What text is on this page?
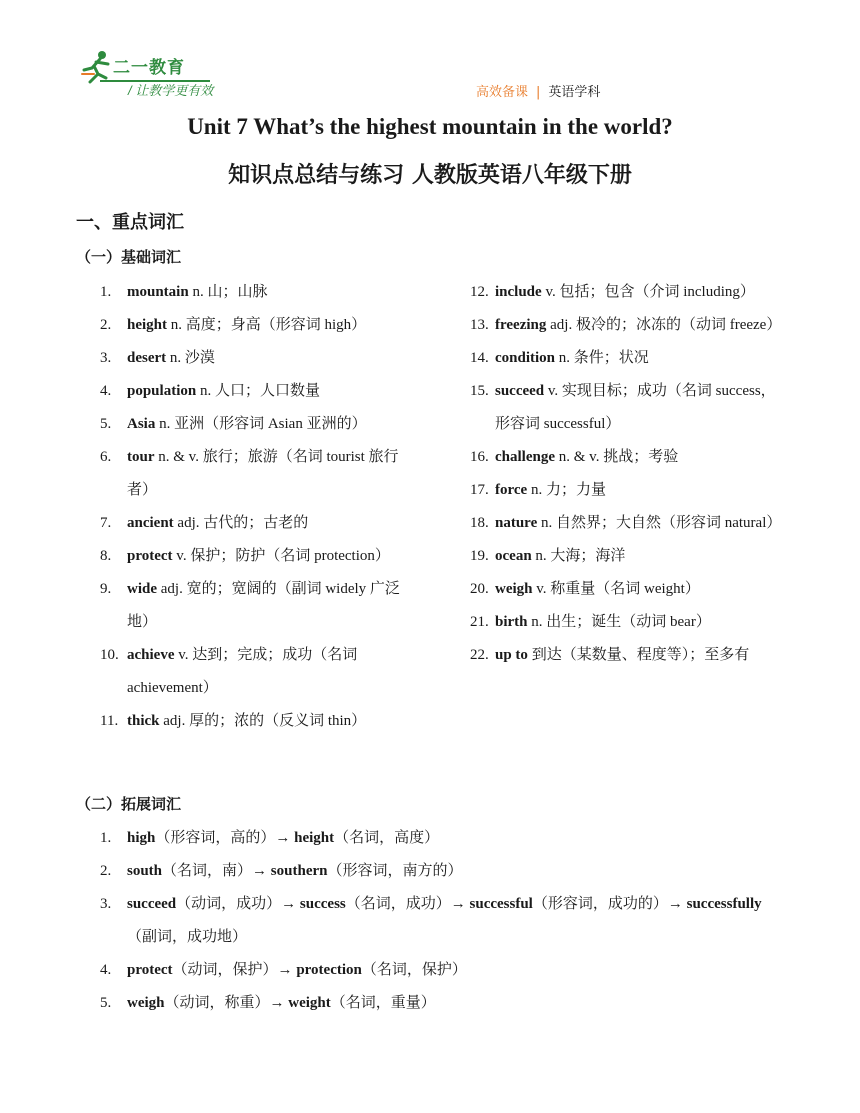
二一教育
/ 让教学更有效	高效备课 | 英语学科
Unit 7 What’s the highest mountain in the world?
知识点总结与练习 人教版英语八年级下册
一、重点词汇
（一）基础词汇
1. mountain n. 山；山脉
2. height n. 高度；身高（形容词 high）
3. desert n. 沙漠
4. population n. 人口；人口数量
5. Asia n. 亚洲（形容词 Asian 亚洲的）
6. tour n. & v. 旅行；旅游（名词 tourist 旅行者）
7. ancient adj. 古代的；古老的
8. protect v. 保护；防护（名词 protection）
9. wide adj. 宽的；宽阔的（副词 widely 广泛地）
10. achieve v. 达到；完成；成功（名词 achievement）
11. thick adj. 厚的；浓的（反义词 thin）
12. include v. 包括；包含（介词 including）
13. freezing adj. 极冷的；冰冻的（动词 freeze）
14. condition n. 条件；状况
15. succeed v. 实现目标；成功（名词 success，形容词 successful）
16. challenge n. & v. 挑战；考验
17. force n. 力；力量
18. nature n. 自然界；大自然（形容词 natural）
19. ocean n. 大海；海洋
20. weigh v. 称重量（名词 weight）
21. birth n. 出生；诞生（动词 bear）
22. up to 到达（某数量、程度等）；至多有
（二）拓展词汇
1. high（形容词，高的）→ height（名词，高度）
2. south（名词，南）→ southern（形容词，南方的）
3. succeed（动词，成功）→ success（名词，成功）→ successful（形容词，成功的）→ successfully（副词，成功地）
4. protect（动词，保护）→ protection（名词，保护）
5. weigh（动词，称重）→ weight（名词，重量）
